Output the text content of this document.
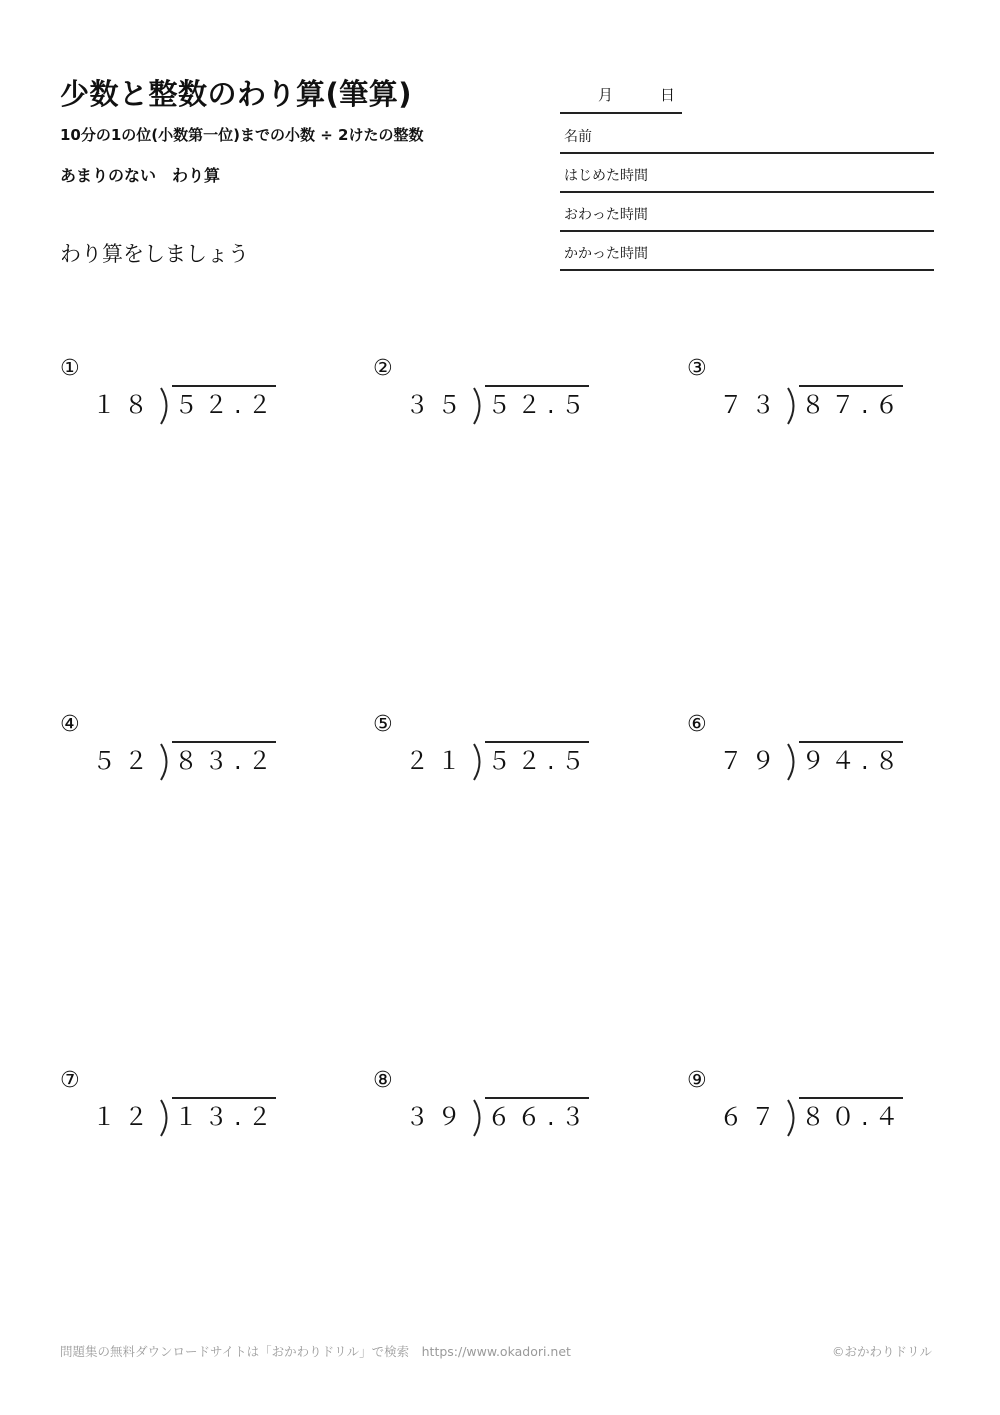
少数と整数のわり算(筆算)
10分の1の位(小数第一位)までの小数 ÷ 2けたの整数
あまりのない　わり算
わり算をしましょう
月	日
名前
はじめた時間
おわった時間
かかった時間
①
１８ ５２.２
②
３５ ５２.５
③
７３ ８７.６
④
５２ ８３.２
⑤
２１ ５２.５
⑥
７９ ９４.８
⑦
１２ １３.２
⑧
３９ ６６.３
⑨
６７ ８０.４
問題集の無料ダウンロードサイトは「おかわりドリル」で検索　https://www.okadori.net	©おかわりドリル
